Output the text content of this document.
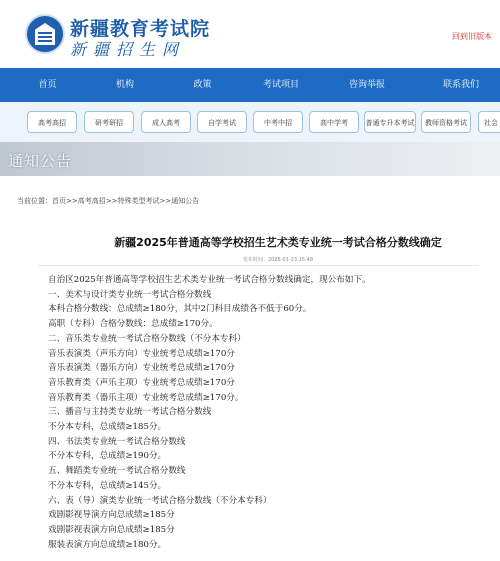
新疆教育考试院
新疆招生网
回到旧版本
首页	机构	政策	考试项目	咨询举报	联系我们
高考高招	研考研招	成人高考	自学考试	中考中招	高中学考	普通专升本考试	教师资格考试	社会
通知公告
当前位置：首页>>高考高招>>特殊类型考试>>通知公告
新疆2025年普通高等学校招生艺术类专业统一考试合格分数线确定
发布时间：2025-01-23 15:48
自治区2025年普通高等学校招生艺术类专业统一考试合格分数线确定，现公布如下。
一、美术与设计类专业统一考试合格分数线
本科合格分数线：总成绩≥180分，其中2门科目成绩各不低于60分。
高职（专科）合格分数线：总成绩≥170分。
二、音乐类专业统一考试合格分数线（不分本专科）
音乐表演类（声乐方向）专业统考总成绩≥170分
音乐表演类（器乐方向）专业统考总成绩≥170分
音乐教育类（声乐主项）专业统考总成绩≥170分
音乐教育类（器乐主项）专业统考总成绩≥170分。
三、播音与主持类专业统一考试合格分数线
不分本专科，总成绩≥185分。
四、书法类专业统一考试合格分数线
不分本专科，总成绩≥190分。
五、舞蹈类专业统一考试合格分数线
不分本专科，总成绩≥145分。
六、表（导）演类专业统一考试合格分数线（不分本专科）
戏剧影视导演方向总成绩≥185分
戏剧影视表演方向总成绩≥185分
服装表演方向总成绩≥180分。
